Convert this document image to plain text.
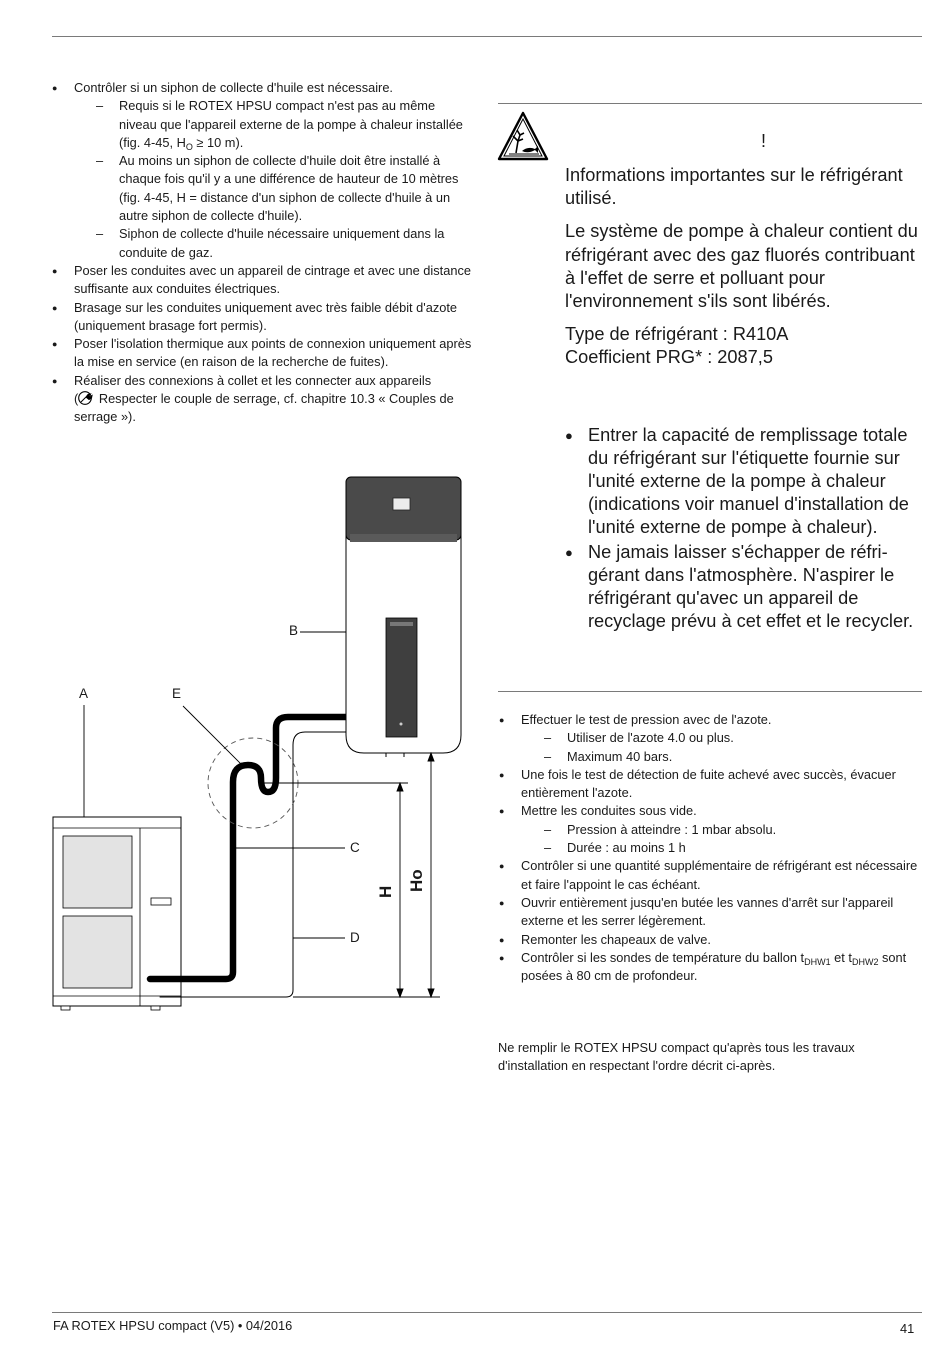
● Contrôler si un siphon de collecte d'huile est nécessaire.
– Requis si le ROTEX HPSU compact n'est pas au même niveau que l'appareil externe de la pompe à chaleur installée (fig. 4-45, $H_O \ge 10$ m).
– Au moins un siphon de collecte d'huile doit être installé à chaque fois qu'il y a une différence de hauteur de 10 mètres (fig. 4-45, H = distance d'un siphon de collecte d'huile à un autre siphon de collecte d'huile).
– Siphon de collecte d'huile nécessaire uniquement dans la conduite de gaz.
● Poser les conduites avec un appareil de cintrage et avec une distance suffisante aux conduites électriques.
● Brasage sur les conduites uniquement avec très faible débit d'azote (uniquement brasage fort permis).
● Poser l'isolation thermique aux points de connexion uniquement après la mise en service (en raison de la recherche de fuites).
● Réaliser des connexions à collet et les connecter aux appareils
( Respecter le couple de serrage, cf. chapitre 10.3 « Couples de serrage »).
A	E
B
C
D
H Ho
!

Informations importantes sur le réfrigérant utilisé.

Le système de pompe à chaleur contient du réfrigérant avec des gaz fluorés contribuant à l'effet de serre et polluant pour l'environnement s'ils sont libérés.

Type de réfrigérant : R410A
Coefficient PRG* : 2087,5

● Entrer la capacité de remplissage totale du réfrigérant sur l'étiquette fournie sur l'unité externe de la pompe à chaleur (indications voir manuel d'installation de l'unité externe de pompe à chaleur).
● Ne jamais laisser s'échapper de réfrigérant dans l'atmosphère. N'aspirer le réfrigérant qu'avec un appareil de recyclage prévu à cet effet et le recycler.
● Effectuer le test de pression avec de l'azote.
– Utiliser de l'azote 4.0 ou plus.
– Maximum 40 bars.
● Une fois le test de détection de fuite achevé avec succès, évacuer entièrement l'azote.
● Mettre les conduites sous vide.
– Pression à atteindre : 1 mbar absolu.
– Durée : au moins 1 h
● Contrôler si une quantité supplémentaire de réfrigérant est nécessaire et faire l'appoint le cas échéant.
● Ouvrir entièrement jusqu'en butée les vannes d'arrêt sur l'appareil externe et les serrer légèrement.
● Remonter les chapeaux de valve.
● Contrôler si les sondes de température du ballon $t_{DHW1}$ et $t_{DHW2}$ sont posées à 80 cm de profondeur.
Ne remplir le ROTEX HPSU compact qu'après tous les travaux d'installation en respectant l'ordre décrit ci-après.
FA ROTEX HPSU compact (V5) • 04/2016	41
